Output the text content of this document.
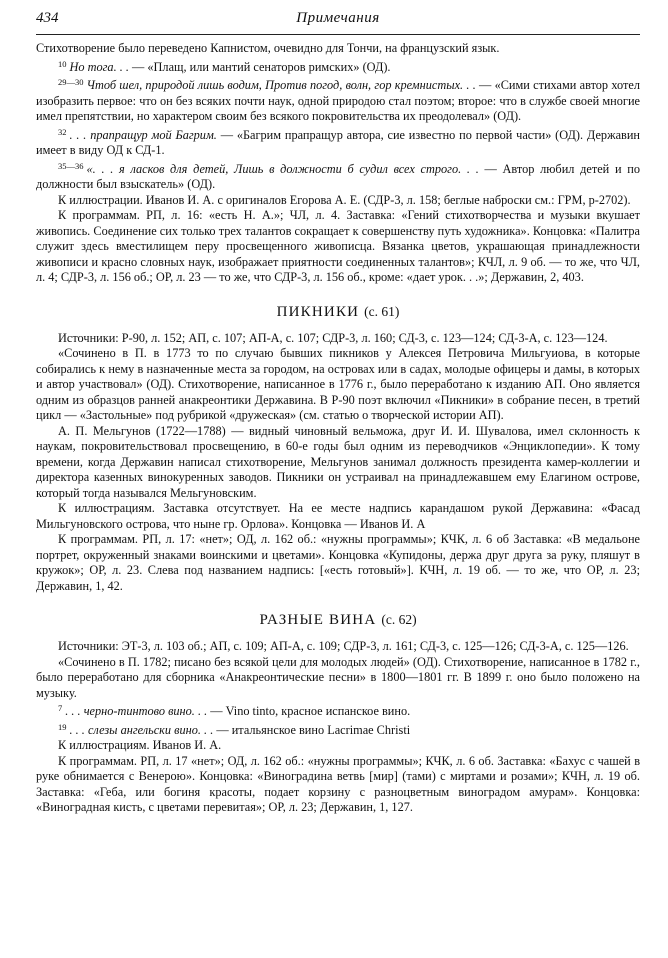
434	Примечания

Стихотворение было переведено Капнистом, очевидно для Тончи, на французский язык.

$^{10}$ Но тога. . . — «Плащ, или мантий сенаторов римских» (ОД).

$^{29—30}$ Чтоб шел, природой лишь водим, Против погод, волн, гор кремнистых. . . — «Сими стихами автор хотел изобразить первое: что он без всяких почти наук, одной природою стал поэтом; второе: что в службе своей многие имел препятствии, но характером своим без всякого покровительства их преодолевал» (ОД).

$^{32}$ . . . прапращур мой Багрим. — «Багрим прапращур автора, сие известно по первой части» (ОД). Державин имеет в виду ОД к СД-1.

$^{35—36}$ «. . . я ласков для детей, Лишь в должности б судил всех строго. . . — Автор любил детей и по должности был взыскатель» (ОД).

К иллюстрации. Иванов И. А. с оригиналов Егорова А. Е. (СДР-3, л. 158; беглые наброски см.: ГРМ, р-2702).

К программам. РП, л. 16: «есть Н. А.»; ЧЛ, л. 4. Заставка: «Гений стихотворчества и музыки вкушает живопись. Соединение сих только трех талантов сокращает к совершенству путь художника». Концовка: «Палитра служит здесь вместилищем перу просвещенного живописца. Вязанка цветов, украшающая принадлежности живописи и красно словных наук, изображает приятности соединенных талантов»; КЧЛ, л. 9 об. — то же, что ЧЛ, л. 4; СДР-3, л. 156 об.; ОР, л. 23 — то же, что СДР-3, л. 156 об., кроме: «дает урок. . .»; Державин, 2, 403.

ПИКНИКИ (с. 61)

Источники: Р-90, л. 152; АП, с. 107; АП-А, с. 107; СДР-3, л. 160; СД-3, с. 123—124; СД-3-А, с. 123—124.

«Сочинено в П. в 1773 то по случаю бывших пикников у Алексея Петровича Мильгуиова, в которые собирались к нему в назначенные места за городом, на островах или в садах, молодые офицеры и дамы, в которых и автор участвовал» (ОД). Стихотворение, написанное в 1776 г., было переработано к изданию АП. Оно является одним из образцов ранней анакреонтики Державина. В Р-90 поэт включил «Пикники» в собрание песен, в третий цикл — «Застольные» под рубрикой «дружеская» (см. статью о творческой истории АП).

А. П. Мельгунов (1722—1788) — видный чиновный вельможа, друг И. И. Шувалова, имел склонность к наукам, покровительствовал просвещению, в 60-е годы был одним из переводчиков «Энциклопедии». К тому времени, когда Державин написал стихотворение, Мельгунов занимал должность президента камер-коллегии и директора казенных винокуренных заводов. Пикники он устраивал на принадлежавшем ему Елагином острове, который тогда назывался Мельгуновским.

К иллюстрациям. Заставка отсутствует. На ее месте надпись карандашом рукой Державина: «Фасад Мильгуновского острова, что ныне гр. Орлова». Концовка — Иванов И. А

К программам. РП, л. 17: «нет»; ОД, л. 162 об.: «нужны программы»; КЧК, л. 6 об Заставка: «В медальоне портрет, окруженный знаками воинскими и цветами». Концовка «Купидоны, держа друг друга за руку, пляшут в кружок»; ОР, л. 23. Слева под названием надпись: [«есть готовый»]. КЧН, л. 19 об. — то же, что ОР, л. 23; Державин, 1, 42.

РАЗНЫЕ ВИНА (с. 62)

Источники: ЭТ-3, л. 103 об.; АП, с. 109; АП-А, с. 109; СДР-3, л. 161; СД-3, с. 125—126; СД-3-А, с. 125—126.

«Сочинено в П. 1782; писано без всякой цели для молодых людей» (ОД). Стихотворение, написанное в 1782 г., было переработано для сборника «Анакреонтические песни» в 1800—1801 гг. В 1899 г. оно было положено на музыку.

$^7$ . . . черно-тинтово вино. . . — Vino tinto, красное испанское вино.

$^{19}$ . . . слезы ангельски вино. . . — итальянское вино Lacrimae Christi

К иллюстрациям. Иванов И. А.

К программам. РП, л. 17 «нет»; ОД, л. 162 об.: «нужны программы»; КЧК, л. 6 об. Заставка: «Бахус с чашей в руке обнимается с Венерою». Концовка: «Виноградина ветвь [мир] (тами) с миртами и розами»; КЧН, л. 19 об. Заставка: «Геба, или богиня красоты, подает корзину с разноцветным виноградом амурам». Концовка: «Виноградная кисть, с цветами перевитая»; ОР, л. 23; Державин, 1, 127.
